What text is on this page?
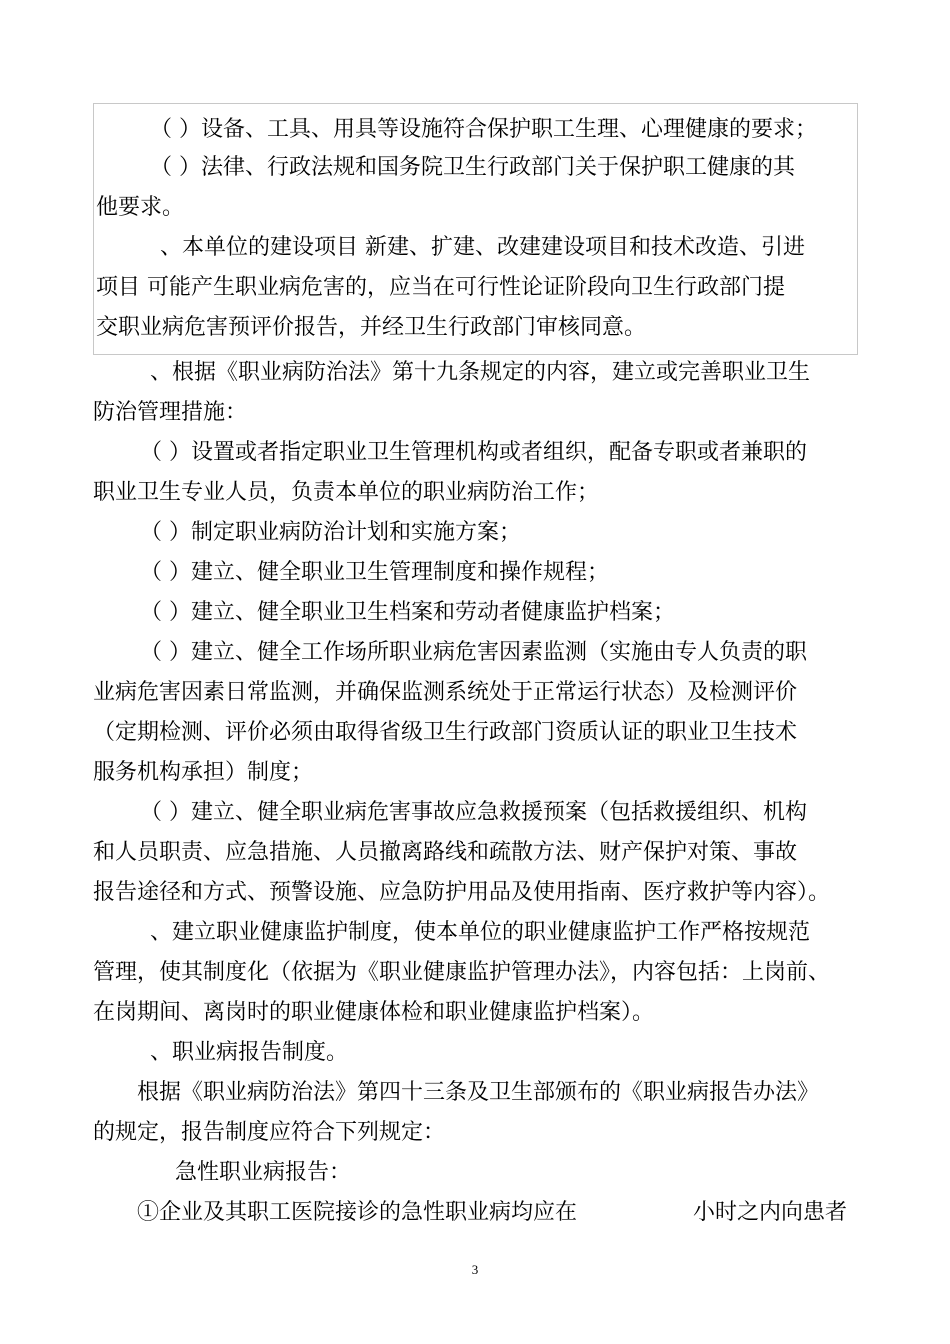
（ ）设备、工具、用具等设施符合保护职工生理、心理健康的要求；
（ ）法律、行政法规和国务院卫生行政部门关于保护职工健康的其
他要求。
、本单位的建设项目 新建、扩建、改建建设项目和技术改造、引进
项目 可能产生职业病危害的，应当在可行性论证阶段向卫生行政部门提
交职业病危害预评价报告，并经卫生行政部门审核同意。
、根据《职业病防治法》第十九条规定的内容，建立或完善职业卫生
防治管理措施：
（ ）设置或者指定职业卫生管理机构或者组织，配备专职或者兼职的
职业卫生专业人员，负责本单位的职业病防治工作；
（ ）制定职业病防治计划和实施方案；
（ ）建立、健全职业卫生管理制度和操作规程；
（ ）建立、健全职业卫生档案和劳动者健康监护档案；
（ ）建立、健全工作场所职业病危害因素监测（实施由专人负责的职
业病危害因素日常监测，并确保监测系统处于正常运行状态）及检测评价
（定期检测、评价必须由取得省级卫生行政部门资质认证的职业卫生技术
服务机构承担）制度；
（ ）建立、健全职业病危害事故应急救援预案（包括救援组织、机构
和人员职责、应急措施、人员撤离路线和疏散方法、财产保护对策、事故
报告途径和方式、预警设施、应急防护用品及使用指南、医疗救护等内容）。
、建立职业健康监护制度，使本单位的职业健康监护工作严格按规范
管理，使其制度化（依据为《职业健康监护管理办法》，内容包括：上岗前、
在岗期间、离岗时的职业健康体检和职业健康监护档案）。
、职业病报告制度。
根据《职业病防治法》第四十三条及卫生部颁布的《职业病报告办法》
的规定，报告制度应符合下列规定：
急性职业病报告：
①企业及其职工医院接诊的急性职业病均应在	小时之内向患者
3
